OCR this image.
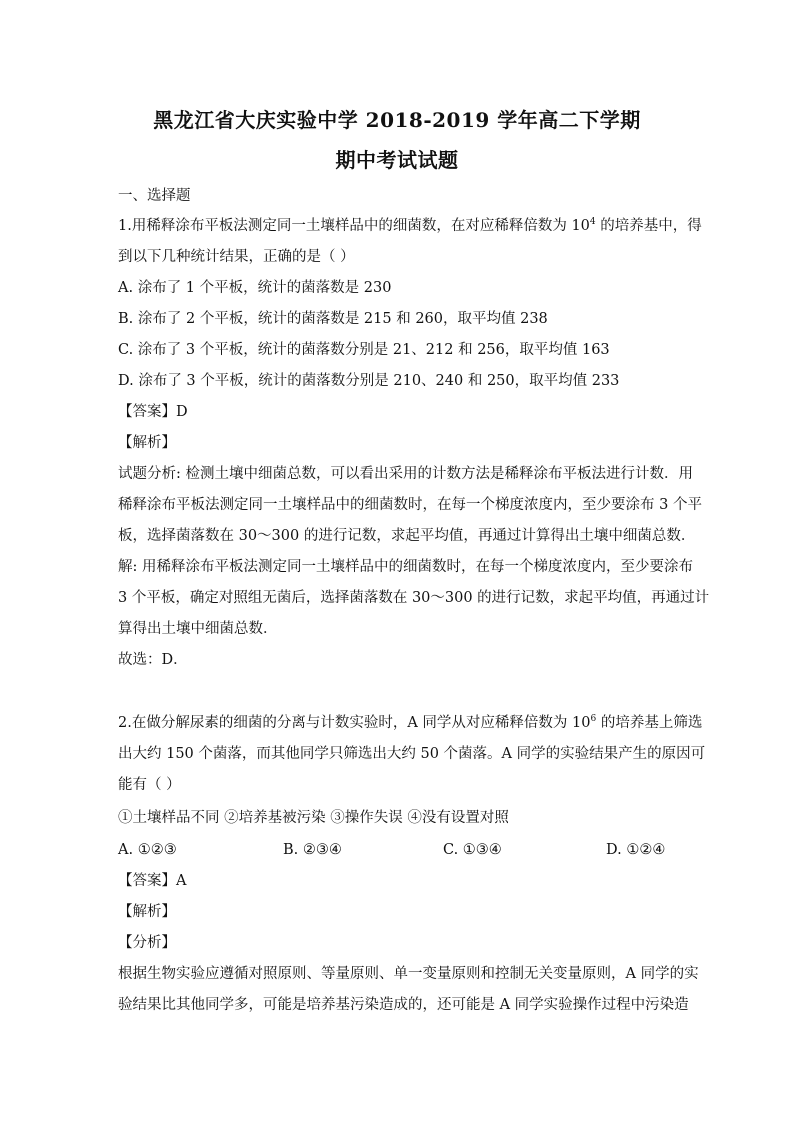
黑龙江省大庆实验中学 2018-2019 学年高二下学期
期中考试试题
一、选择题
1.用稀释涂布平板法测定同一土壤样品中的细菌数，在对应稀释倍数为 $10^4$ 的培养基中，得
到以下几种统计结果，正确的是（ ）
A. 涂布了 1 个平板，统计的菌落数是 230
B. 涂布了 2 个平板，统计的菌落数是 215 和 260，取平均值 238
C. 涂布了 3 个平板，统计的菌落数分别是 21、212 和 256，取平均值 163
D. 涂布了 3 个平板，统计的菌落数分别是 210、240 和 250，取平均值 233
【答案】D
【解析】
试题分析: 检测土壤中细菌总数，可以看出采用的计数方法是稀释涂布平板法进行计数．用
稀释涂布平板法测定同一土壤样品中的细菌数时，在每一个梯度浓度内，至少要涂布 3 个平
板，选择菌落数在 30～300 的进行记数，求起平均值，再通过计算得出土壤中细菌总数．
解: 用稀释涂布平板法测定同一土壤样品中的细菌数时，在每一个梯度浓度内，至少要涂布
3 个平板，确定对照组无菌后，选择菌落数在 30～300 的进行记数，求起平均值，再通过计
算得出土壤中细菌总数．
故选：D．
2.在做分解尿素的细菌的分离与计数实验时，A 同学从对应稀释倍数为 $10^6$ 的培养基上筛选
出大约 150 个菌落，而其他同学只筛选出大约 50 个菌落。A 同学的实验结果产生的原因可
能有（ ）
①土壤样品不同 ②培养基被污染 ③操作失误 ④没有设置对照
A. ①②③	B. ②③④	C. ①③④	D. ①②④
【答案】A
【解析】
【分析】
根据生物实验应遵循对照原则、等量原则、单一变量原则和控制无关变量原则，A 同学的实
验结果比其他同学多，可能是培养基污染造成的，还可能是 A 同学实验操作过程中污染造
